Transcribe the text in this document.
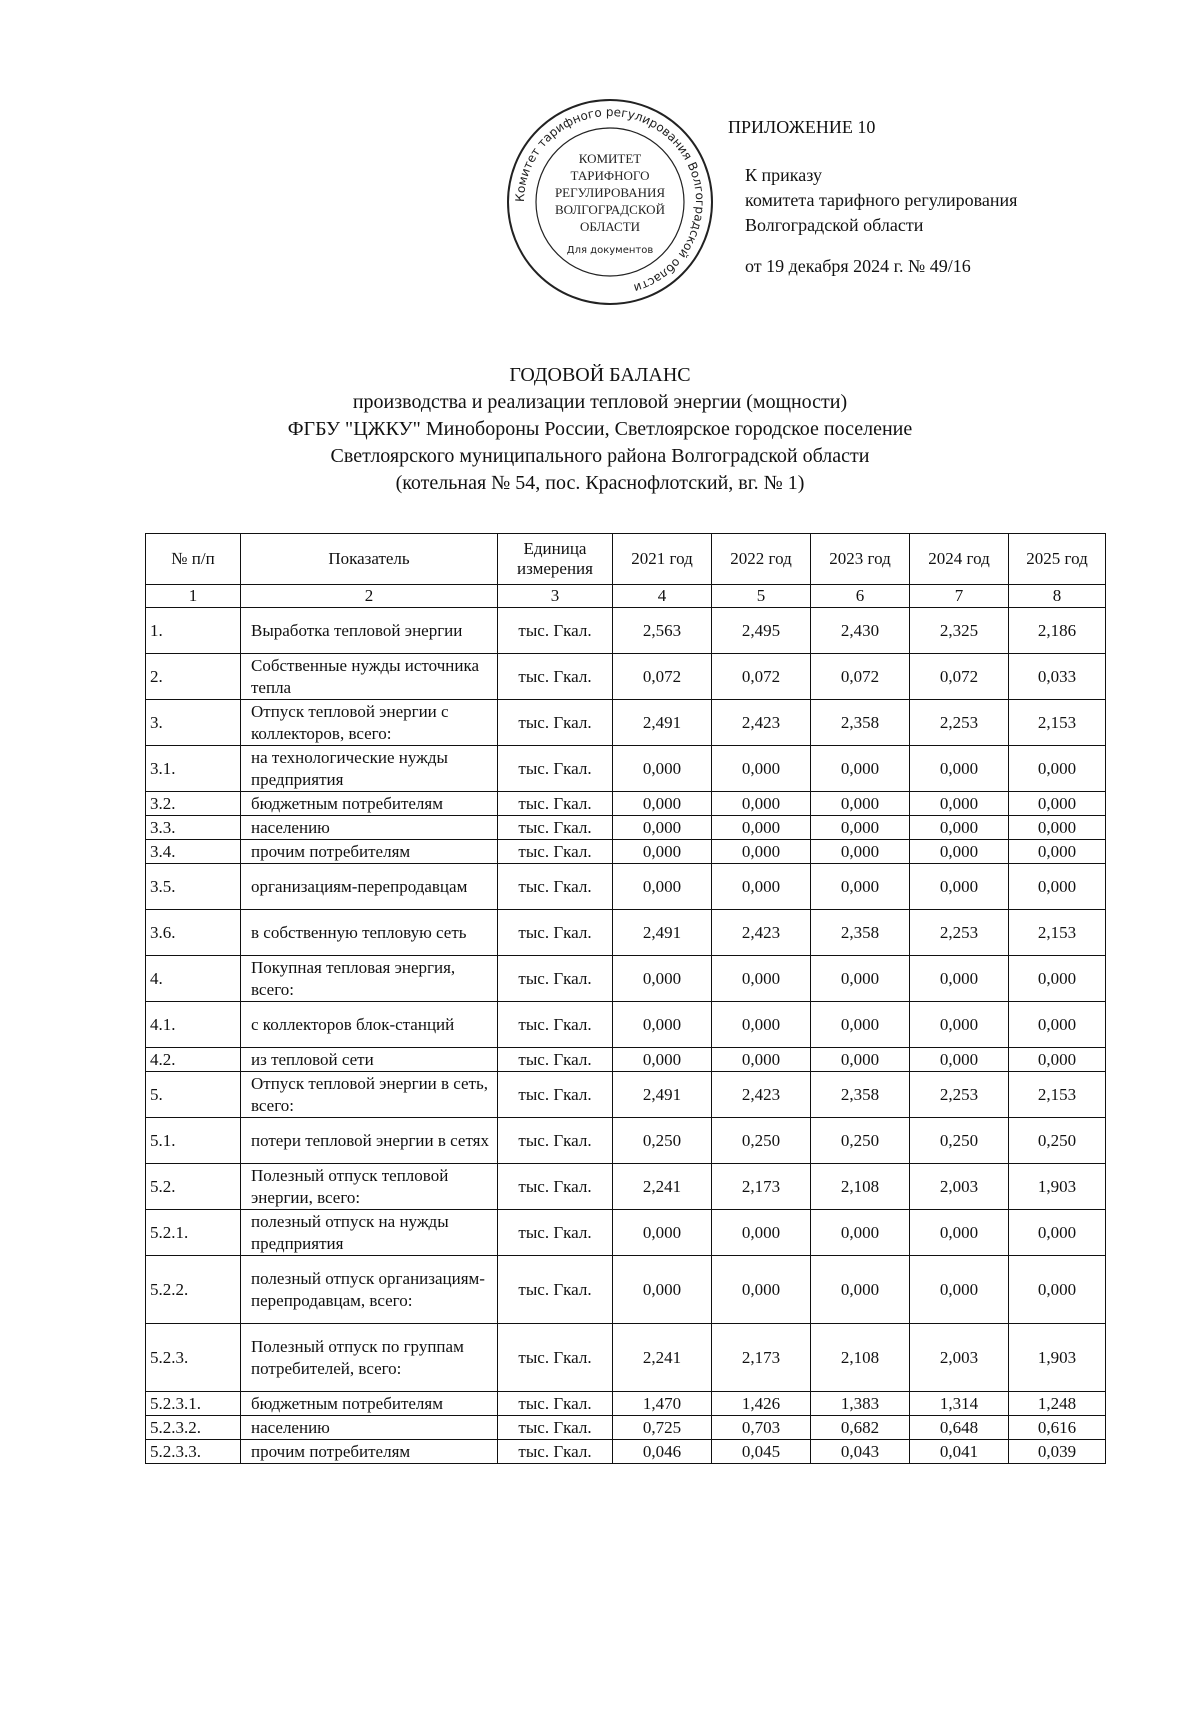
Комитет тарифного регулирования Волгоградской области
КОМИТЕТ
ТАРИФНОГО
РЕГУЛИРОВАНИЯ
ВОЛГОГРАДСКОЙ
ОБЛАСТИ
Для документов
ПРИЛОЖЕНИЕ 10
К приказу
комитета тарифного регулирования
Волгоградской области
от 19 декабря 2024 г. № 49/16
ГОДОВОЙ БАЛАНС
производства и реализации тепловой энергии (мощности)
ФГБУ "ЦЖКУ" Минобороны России, Светлоярское городское поселение
Светлоярского муниципального района Волгоградской области
(котельная № 54, пос. Краснофлотский, вг. № 1)
№ п/п	Показатель	Единица измерения	2021 год	2022 год	2023 год	2024 год	2025 год
1	2	3	4	5	6	7	8
1.	Выработка тепловой энергии	тыс. Гкал.	2,563	2,495	2,430	2,325	2,186
2.	Собственные нужды источника тепла	тыс. Гкал.	0,072	0,072	0,072	0,072	0,033
3.	Отпуск тепловой энергии с коллекторов, всего:	тыс. Гкал.	2,491	2,423	2,358	2,253	2,153
3.1.	на технологические нужды предприятия	тыс. Гкал.	0,000	0,000	0,000	0,000	0,000
3.2.	бюджетным потребителям	тыс. Гкал.	0,000	0,000	0,000	0,000	0,000
3.3.	населению	тыс. Гкал.	0,000	0,000	0,000	0,000	0,000
3.4.	прочим потребителям	тыс. Гкал.	0,000	0,000	0,000	0,000	0,000
3.5.	организациям-перепродавцам	тыс. Гкал.	0,000	0,000	0,000	0,000	0,000
3.6.	в собственную тепловую сеть	тыс. Гкал.	2,491	2,423	2,358	2,253	2,153
4.	Покупная тепловая энергия, всего:	тыс. Гкал.	0,000	0,000	0,000	0,000	0,000
4.1.	с коллекторов блок-станций	тыс. Гкал.	0,000	0,000	0,000	0,000	0,000
4.2.	из тепловой сети	тыс. Гкал.	0,000	0,000	0,000	0,000	0,000
5.	Отпуск тепловой энергии в сеть, всего:	тыс. Гкал.	2,491	2,423	2,358	2,253	2,153
5.1.	потери тепловой энергии в сетях	тыс. Гкал.	0,250	0,250	0,250	0,250	0,250
5.2.	Полезный отпуск тепловой энергии, всего:	тыс. Гкал.	2,241	2,173	2,108	2,003	1,903
5.2.1.	полезный отпуск на нужды предприятия	тыс. Гкал.	0,000	0,000	0,000	0,000	0,000
5.2.2.	полезный отпуск организациям-перепродавцам, всего:	тыс. Гкал.	0,000	0,000	0,000	0,000	0,000
5.2.3.	Полезный отпуск по группам потребителей, всего:	тыс. Гкал.	2,241	2,173	2,108	2,003	1,903
5.2.3.1.	бюджетным потребителям	тыс. Гкал.	1,470	1,426	1,383	1,314	1,248
5.2.3.2.	населению	тыс. Гкал.	0,725	0,703	0,682	0,648	0,616
5.2.3.3.	прочим потребителям	тыс. Гкал.	0,046	0,045	0,043	0,041	0,039
